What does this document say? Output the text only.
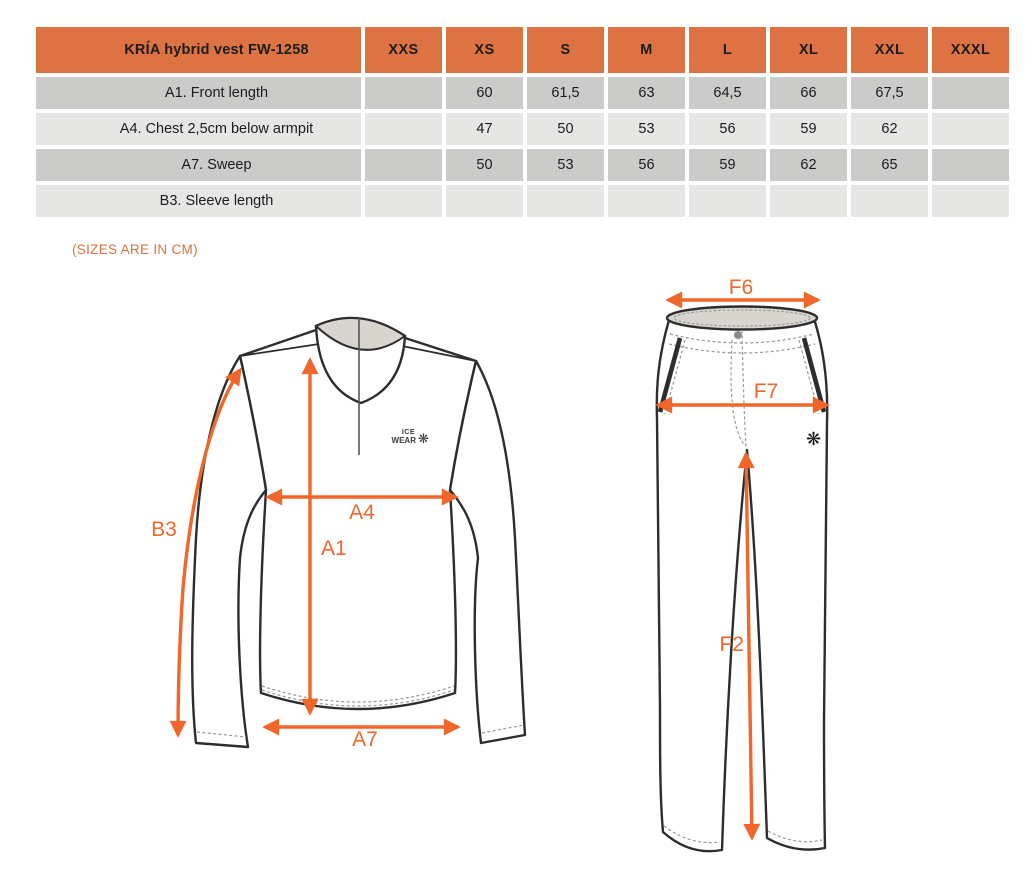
KRÍA hybrid vest FW-1258	XXS	XS	S	M	L	XL	XXL	XXXL
A1. Front length		60	61,5	63	64,5	66	67,5	
A4. Chest 2,5cm below armpit		47	50	53	56	59	62	
A7. Sweep		50	53	56	59	62	65	
B3. Sleeve length								
(SIZES ARE IN CM)
ICE
WEAR ❋
B3
A4
A1
A7
❋
F6
F7
F2
